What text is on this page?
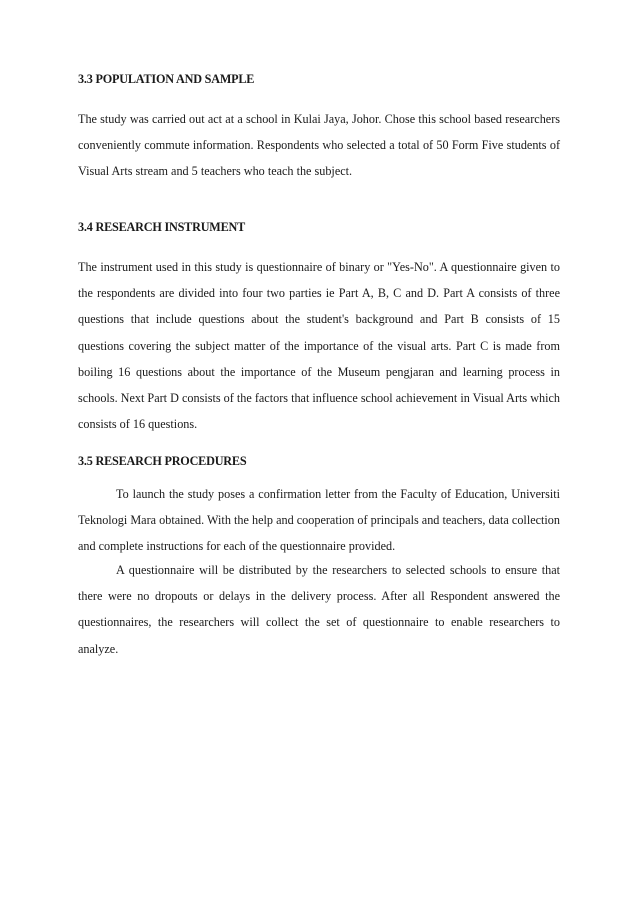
3.3 POPULATION AND SAMPLE

The study was carried out act at a school in Kulai Jaya, Johor. Chose this school based researchers conveniently commute information. Respondents who selected a total of 50 Form Five students of Visual Arts stream and 5 teachers who teach the subject.

3.4 RESEARCH INSTRUMENT

The instrument used in this study is questionnaire of binary or "Yes-No". A questionnaire given to the respondents are divided into four two parties ie Part A, B, C and D. Part A consists of three questions that include questions about the student's background and Part B consists of 15 questions covering the subject matter of the importance of the visual arts. Part C is made from boiling 16 questions about the importance of the Museum pengjaran and learning process in schools. Next Part D consists of the factors that influence school achievement in Visual Arts which consists of 16 questions.

3.5 RESEARCH PROCEDURES

To launch the study poses a confirmation letter from the Faculty of Education, Universiti Teknologi Mara obtained. With the help and cooperation of principals and teachers, data collection and complete instructions for each of the questionnaire provided.

A questionnaire will be distributed by the researchers to selected schools to ensure that there were no dropouts or delays in the delivery process. After all Respondent answered the questionnaires, the researchers will collect the set of questionnaire to enable researchers to analyze.
